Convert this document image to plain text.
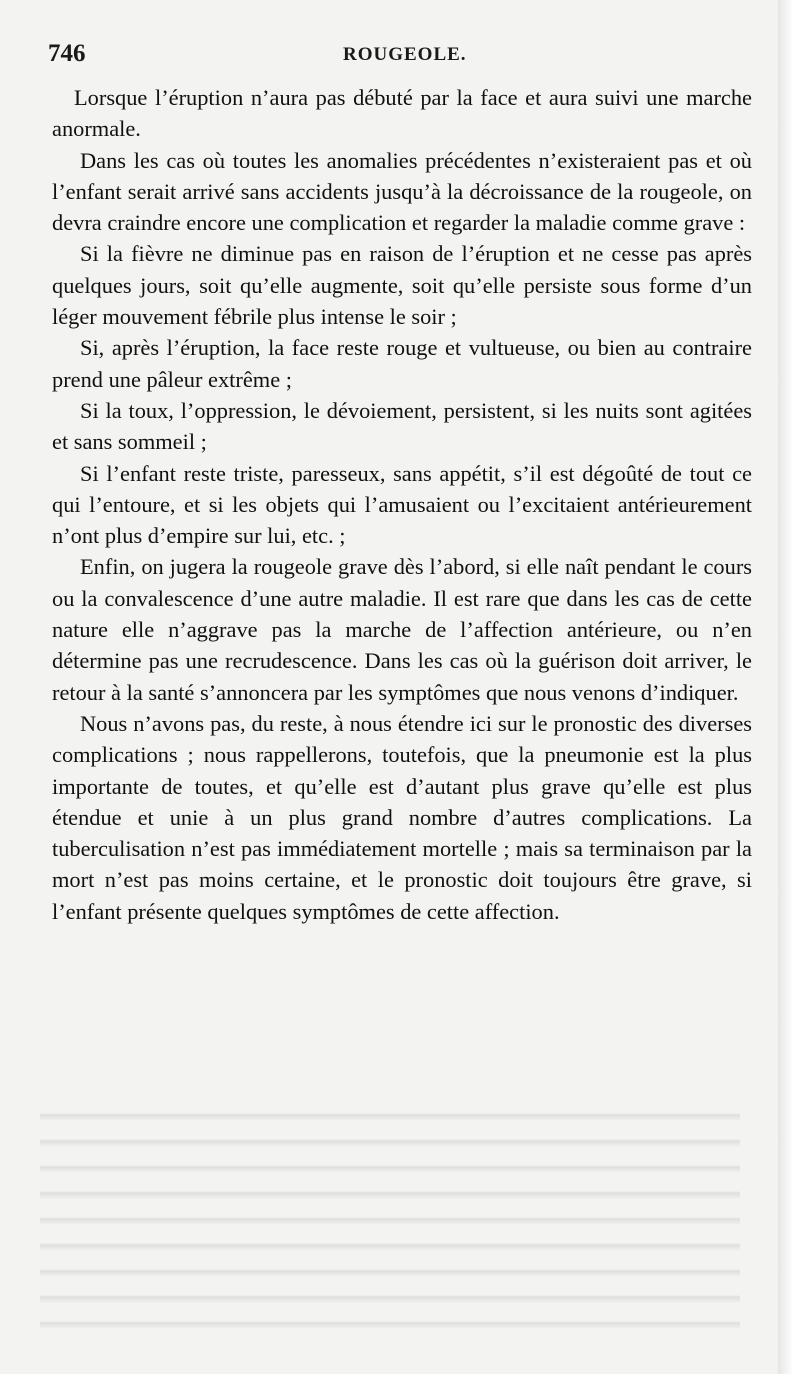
746	ROUGEOLE.

Lorsque l’éruption n’aura pas débuté par la face et aura suivi une marche anormale.

Dans les cas où toutes les anomalies précédentes n’existeraient pas et où l’enfant serait arrivé sans accidents jusqu’à la décroissance de la rougeole, on devra craindre encore une complication et regarder la maladie comme grave :

Si la fièvre ne diminue pas en raison de l’éruption et ne cesse pas après quelques jours, soit qu’elle augmente, soit qu’elle persiste sous forme d’un léger mouvement fébrile plus intense le soir ;

Si, après l’éruption, la face reste rouge et vultueuse, ou bien au contraire prend une pâleur extrême ;

Si la toux, l’oppression, le dévoiement, persistent, si les nuits sont agitées et sans sommeil ;

Si l’enfant reste triste, paresseux, sans appétit, s’il est dégoûté de tout ce qui l’entoure, et si les objets qui l’amusaient ou l’excitaient antérieurement n’ont plus d’empire sur lui, etc. ;

Enfin, on jugera la rougeole grave dès l’abord, si elle naît pendant le cours ou la convalescence d’une autre maladie. Il est rare que dans les cas de cette nature elle n’aggrave pas la marche de l’affection antérieure, ou n’en détermine pas une recrudescence. Dans les cas où la guérison doit arriver, le retour à la santé s’annoncera par les symptômes que nous venons d’indiquer.

Nous n’avons pas, du reste, à nous étendre ici sur le pronostic des diverses complications ; nous rappellerons, toutefois, que la pneumonie est la plus importante de toutes, et qu’elle est d’autant plus grave qu’elle est plus étendue et unie à un plus grand nombre d’autres complications. La tuberculisation n’est pas immédiatement mortelle ; mais sa terminaison par la mort n’est pas moins certaine, et le pronostic doit toujours être grave, si l’enfant présente quelques symptômes de cette affection.
